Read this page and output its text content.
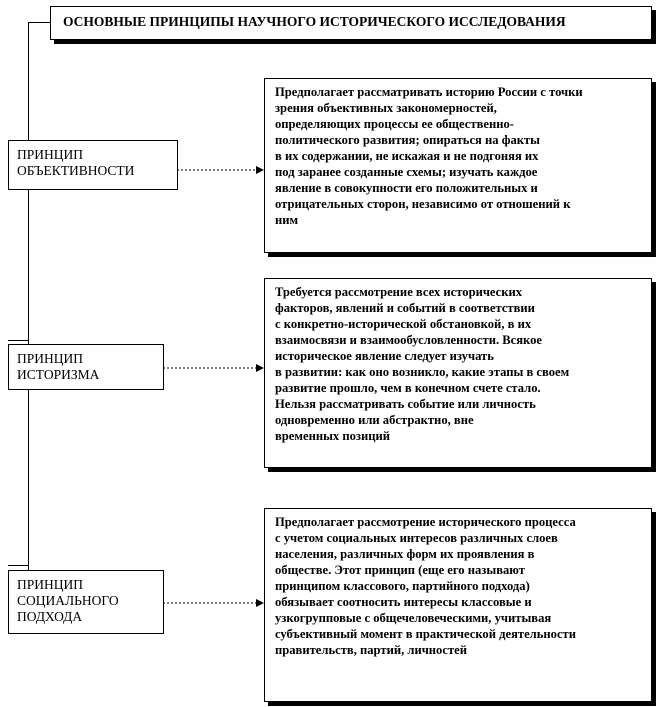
ОСНОВНЫЕ ПРИНЦИПЫ НАУЧНОГО ИСТОРИЧЕСКОГО ИССЛЕДОВАНИЯ
ПРИНЦИП
ОБЪЕКТИВНОСТИ
Предполагает рассматривать историю России с точки
зрения объективных закономерностей,
определяющих процессы ее общественно-
политического развития; опираться на факты
в их содержании, не искажая и не подгоняя их
под заранее созданные схемы; изучать каждое
явление в совокупности его положительных и
отрицательных сторон, независимо от отношений к
ним
ПРИНЦИП
ИСТОРИЗМА
Требуется рассмотрение всех исторических
факторов, явлений и событий в соответствии
с конкретно-исторической обстановкой, в их
взаимосвязи и взаимообусловленности. Всякое
историческое явление следует изучать
в развитии: как оно возникло, какие этапы в своем
развитие прошло, чем в конечном счете стало.
Нельзя рассматривать событие или личность
одновременно или абстрактно, вне
временных позиций
ПРИНЦИП
СОЦИАЛЬНОГО
ПОДХОДА
Предполагает рассмотрение исторического процесса
с учетом социальных интересов различных слоев
населения, различных форм их проявления в
обществе. Этот принцип (еще его называют
принципом классового, партийного подхода)
обязывает соотносить интересы классовые и
узкогрупповые с общечеловеческими, учитывая
субъективный момент в практической деятельности
правительств, партий, личностей
